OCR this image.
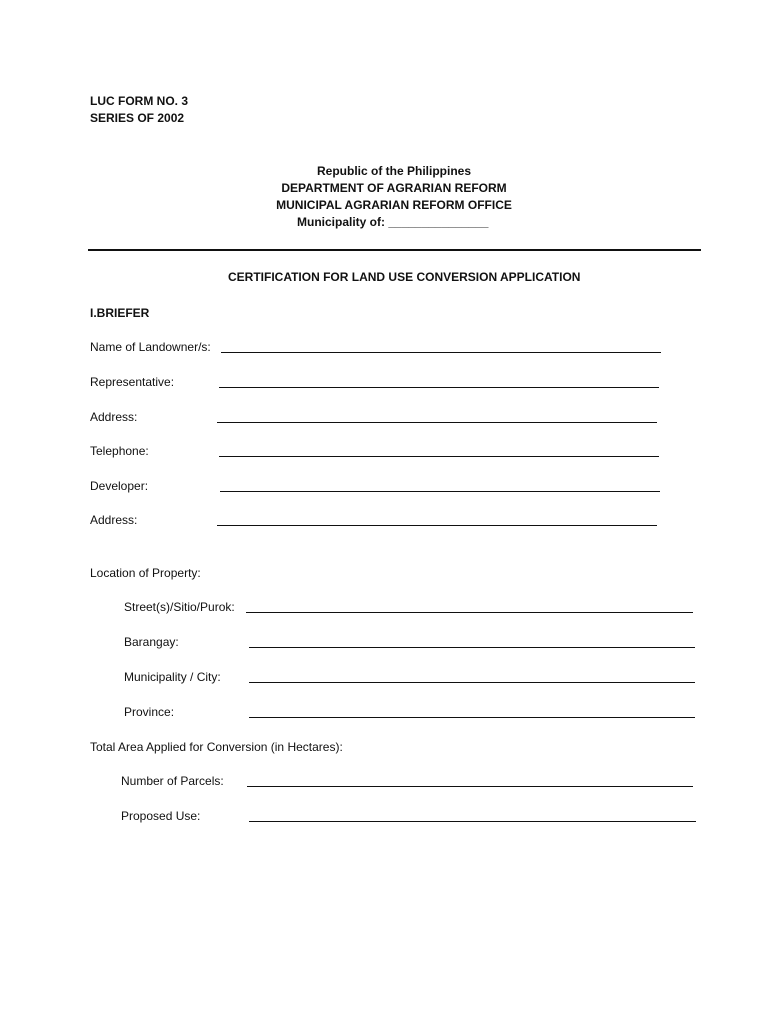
LUC FORM NO. 3
SERIES OF 2002
Republic of the Philippines
DEPARTMENT OF AGRARIAN REFORM
MUNICIPAL AGRARIAN REFORM OFFICE
Municipality of: _______________
CERTIFICATION FOR LAND USE CONVERSION APPLICATION
I.BRIEFER
Name of Landowner/s:
Representative:
Address:
Telephone:
Developer:
Address:
Location of Property:
Street(s)/Sitio/Purok:
Barangay:
Municipality / City:
Province:
Total Area Applied for Conversion (in Hectares):
Number of Parcels:
Proposed Use:
